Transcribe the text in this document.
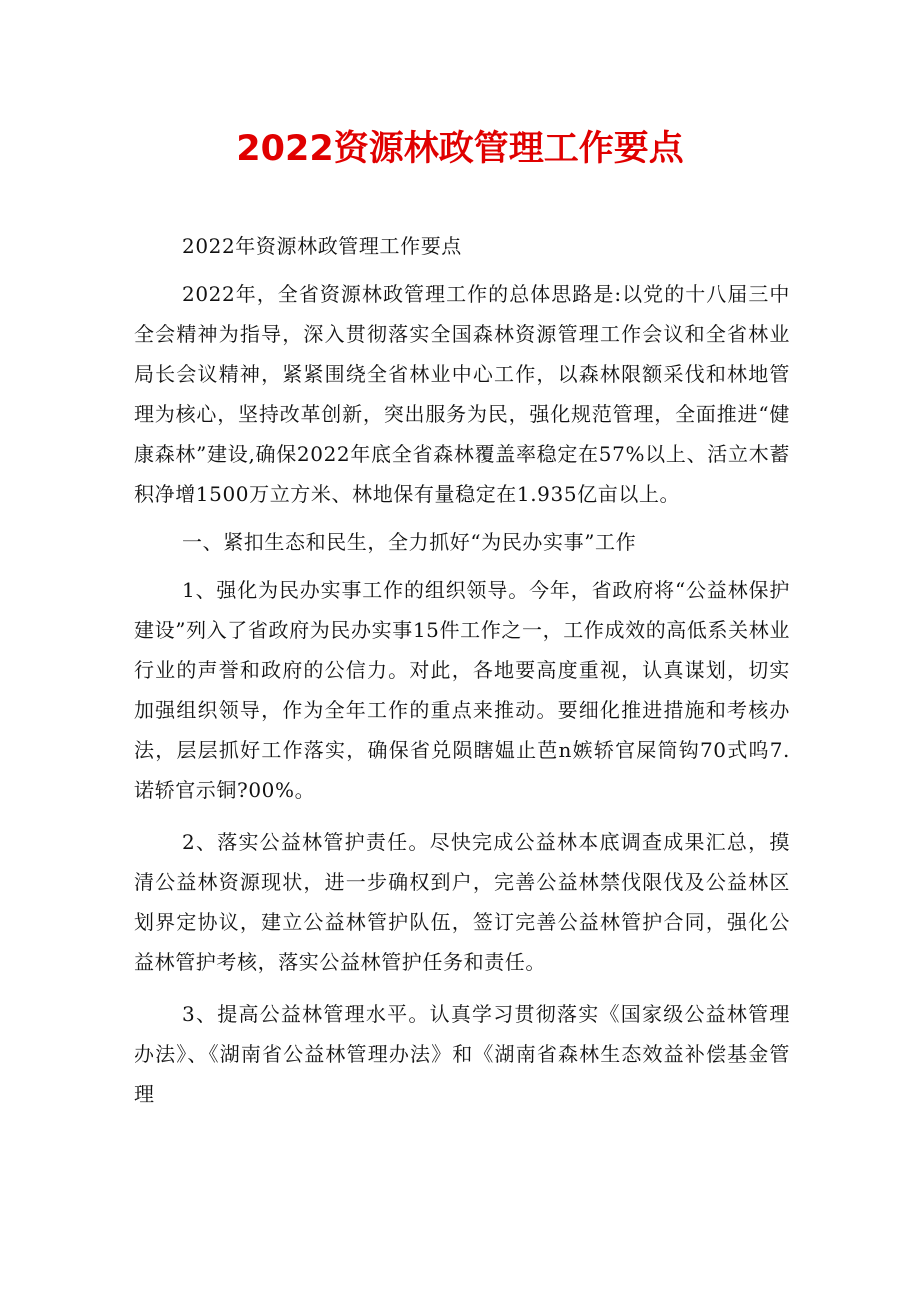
2022资源林政管理工作要点

2022年资源林政管理工作要点

2022年，全省资源林政管理工作的总体思路是:以党的十八届三中全会精神为指导，深入贯彻落实全国森林资源管理工作会议和全省林业局长会议精神，紧紧围绕全省林业中心工作，以森林限额采伐和林地管理为核心，坚持改革创新，突出服务为民，强化规范管理，全面推进“健康森林”建设,确保2022年底全省森林覆盖率稳定在57%以上、活立木蓄积净增1500万立方米、林地保有量稳定在1.935亿亩以上。

一、紧扣生态和民生，全力抓好“为民办实事”工作

1、强化为民办实事工作的组织领导。今年，省政府将“公益林保护建设”列入了省政府为民办实事15件工作之一，工作成效的高低系关林业行业的声誉和政府的公信力。对此，各地要高度重视，认真谋划，切实加强组织领导，作为全年工作的重点来推动。要细化推进措施和考核办法，层层抓好工作落实，确保省兑陨瞎媪止芭n嫉轿官屎筒钩70式呜7.诺轿官示铜?00%。

2、落实公益林管护责任。尽快完成公益林本底调查成果汇总，摸清公益林资源现状，进一步确权到户，完善公益林禁伐限伐及公益林区划界定协议，建立公益林管护队伍，签订完善公益林管护合同，强化公益林管护考核，落实公益林管护任务和责任。

3、提高公益林管理水平。认真学习贯彻落实《国家级公益林管理办法》、《湖南省公益林管理办法》和《湖南省森林生态效益补偿基金管理
